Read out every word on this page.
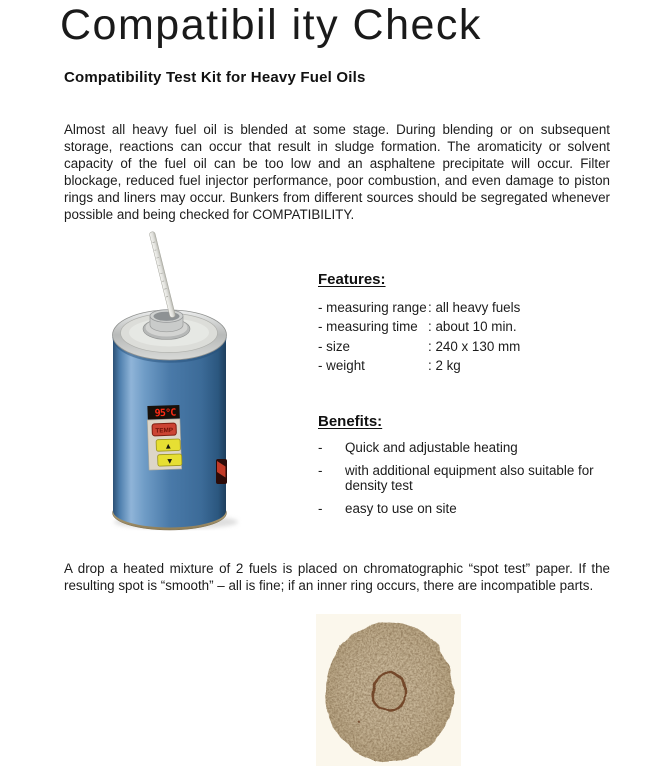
Compatibil ity Check
Compatibility Test Kit for Heavy Fuel Oils

Almost all heavy fuel oil is blended at some stage. During blending or on subsequent storage, reactions can occur that result in sludge formation. The aromaticity or solvent capacity of the fuel oil can be too low and an asphaltene precipitate will occur. Filter blockage, reduced fuel injector performance, poor combustion, and even damage to piston rings and liners may occur. Bunkers from different sources should be segregated whenever possible and being checked for COMPATIBILITY.

95°C
TEMP
▲
▼
Features:
- measuring range : all heavy fuels
- measuring time : about 10 min.
- size	: 240 x 130 mm
- weight	: 2 kg
Benefits:
-	Quick and adjustable heating
-	with additional equipment also suitable for density test
-	easy to use on site

A drop a heated mixture of 2 fuels is placed on chromatographic “spot test” paper. If the resulting spot is “smooth” – all is fine; if an inner ring occurs, there are incompatible parts.
